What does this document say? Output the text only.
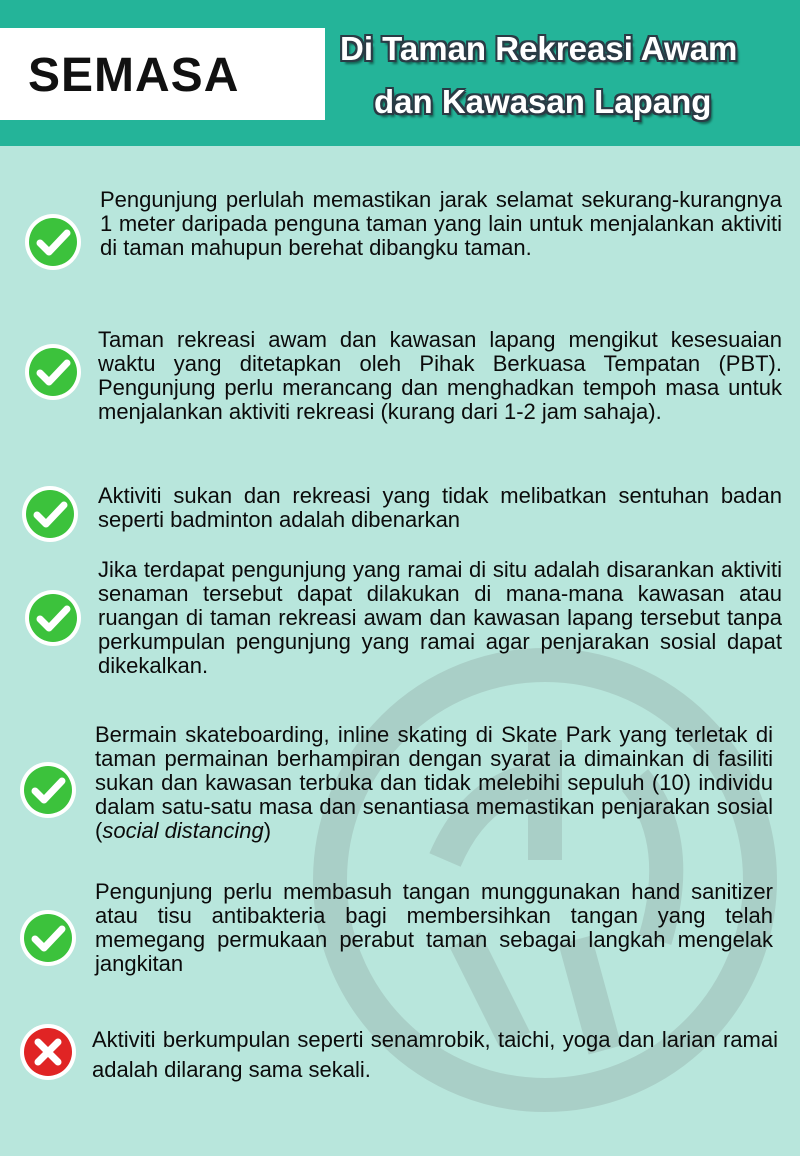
SEMASA
Di Taman Rekreasi Awam
dan Kawasan Lapang

Pengunjung perlulah memastikan jarak selamat sekurang-kurangnya 1 meter daripada penguna taman yang lain untuk menjalankan aktiviti di taman mahupun berehat dibangku taman.

Taman rekreasi awam dan kawasan lapang mengikut kesesuaian waktu yang ditetapkan oleh Pihak Berkuasa Tempatan (PBT). Pengunjung perlu merancang dan menghadkan tempoh masa untuk menjalankan aktiviti rekreasi (kurang dari 1-2 jam sahaja).

Aktiviti sukan dan rekreasi yang tidak melibatkan sentuhan badan seperti badminton adalah dibenarkan

Jika terdapat pengunjung yang ramai di situ adalah disarankan aktiviti senaman tersebut dapat dilakukan di mana-mana kawasan atau ruangan di taman rekreasi awam dan kawasan lapang tersebut tanpa perkumpulan pengunjung yang ramai agar penjarakan sosial dapat dikekalkan.

Bermain skateboarding, inline skating di Skate Park yang terletak di taman permainan berhampiran dengan syarat ia dimainkan di fasiliti sukan dan kawasan terbuka dan tidak melebihi sepuluh (10) individu dalam satu-satu masa dan senantiasa memastikan penjarakan sosial (social distancing)

Pengunjung perlu membasuh tangan munggunakan hand sanitizer atau tisu antibakteria bagi membersihkan tangan yang telah memegang permukaan perabut taman sebagai langkah mengelak jangkitan

Aktiviti berkumpulan seperti senamrobik, taichi, yoga dan larian ramai adalah dilarang sama sekali.
